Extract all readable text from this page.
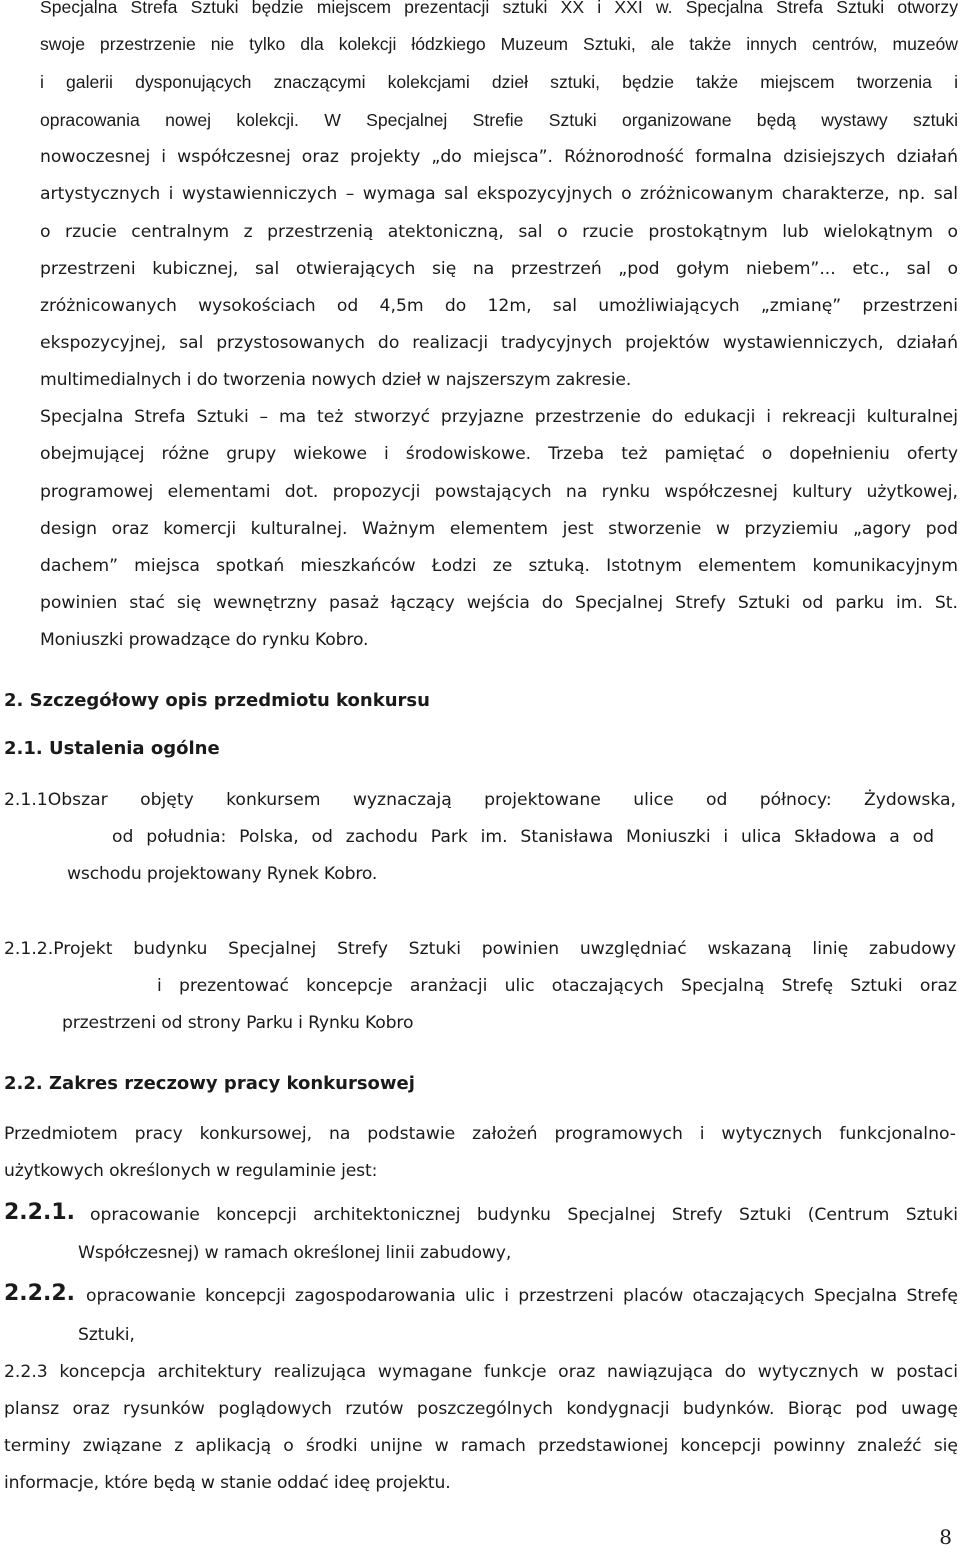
Specjalna Strefa Sztuki będzie miejscem prezentacji sztuki XX i XXI w. Specjalna Strefa Sztuki otworzy
swoje przestrzenie nie tylko dla kolekcji łódzkiego Muzeum Sztuki, ale także innych centrów, muzeów
i galerii dysponujących znaczącymi kolekcjami dzieł sztuki, będzie także miejscem tworzenia i
opracowania nowej kolekcji. W Specjalnej Strefie Sztuki organizowane będą wystawy sztuki
nowoczesnej i współczesnej oraz projekty „do miejsca”. Różnorodność formalna dzisiejszych działań
artystycznych i wystawienniczych – wymaga sal ekspozycyjnych o zróżnicowanym charakterze, np. sal
o rzucie centralnym z przestrzenią atektoniczną, sal o rzucie prostokątnym lub wielokątnym o
przestrzeni kubicznej, sal otwierających się na przestrzeń „pod gołym niebem”... etc., sal o
zróżnicowanych wysokościach od 4,5m do 12m, sal umożliwiających „zmianę” przestrzeni
ekspozycyjnej, sal przystosowanych do realizacji tradycyjnych projektów wystawienniczych, działań
multimedialnych i do tworzenia nowych dzieł w najszerszym zakresie.
Specjalna Strefa Sztuki – ma też stworzyć przyjazne przestrzenie do edukacji i rekreacji kulturalnej
obejmującej różne grupy wiekowe i środowiskowe. Trzeba też pamiętać o dopełnieniu oferty
programowej elementami dot. propozycji powstających na rynku współczesnej kultury użytkowej,
design oraz komercji kulturalnej. Ważnym elementem jest stworzenie w przyziemiu „agory pod
dachem” miejsca spotkań mieszkańców Łodzi ze sztuką. Istotnym elementem komunikacyjnym
powinien stać się wewnętrzny pasaż łączący wejścia do Specjalnej Strefy Sztuki od parku im. St.
Moniuszki prowadzące do rynku Kobro.
2. Szczegółowy opis przedmiotu konkursu
2.1. Ustalenia ogólne
2.1.1Obszar objęty konkursem wyznaczają projektowane ulice od północy: Żydowska,
od południa: Polska, od zachodu Park im. Stanisława Moniuszki i ulica Składowa a od
wschodu projektowany Rynek Kobro.
2.1.2.Projekt budynku Specjalnej Strefy Sztuki powinien uwzględniać wskazaną linię zabudowy
i prezentować koncepcje aranżacji ulic otaczających Specjalną Strefę Sztuki oraz
przestrzeni od strony Parku i Rynku Kobro
2.2. Zakres rzeczowy pracy konkursowej
Przedmiotem pracy konkursowej, na podstawie założeń programowych i wytycznych funkcjonalno-
użytkowych określonych w regulaminie jest:
2.2.1. opracowanie koncepcji architektonicznej budynku Specjalnej Strefy Sztuki (Centrum Sztuki
Współczesnej) w ramach określonej linii zabudowy,
2.2.2. opracowanie koncepcji zagospodarowania ulic i przestrzeni placów otaczających Specjalna Strefę
Sztuki,
2.2.3 koncepcja architektury realizująca wymagane funkcje oraz nawiązująca do wytycznych w postaci
plansz oraz rysunków poglądowych rzutów poszczególnych kondygnacji budynków. Biorąc pod uwagę
terminy związane z aplikacją o środki unijne w ramach przedstawionej koncepcji powinny znaleźć się
informacje, które będą w stanie oddać ideę projektu.
8
